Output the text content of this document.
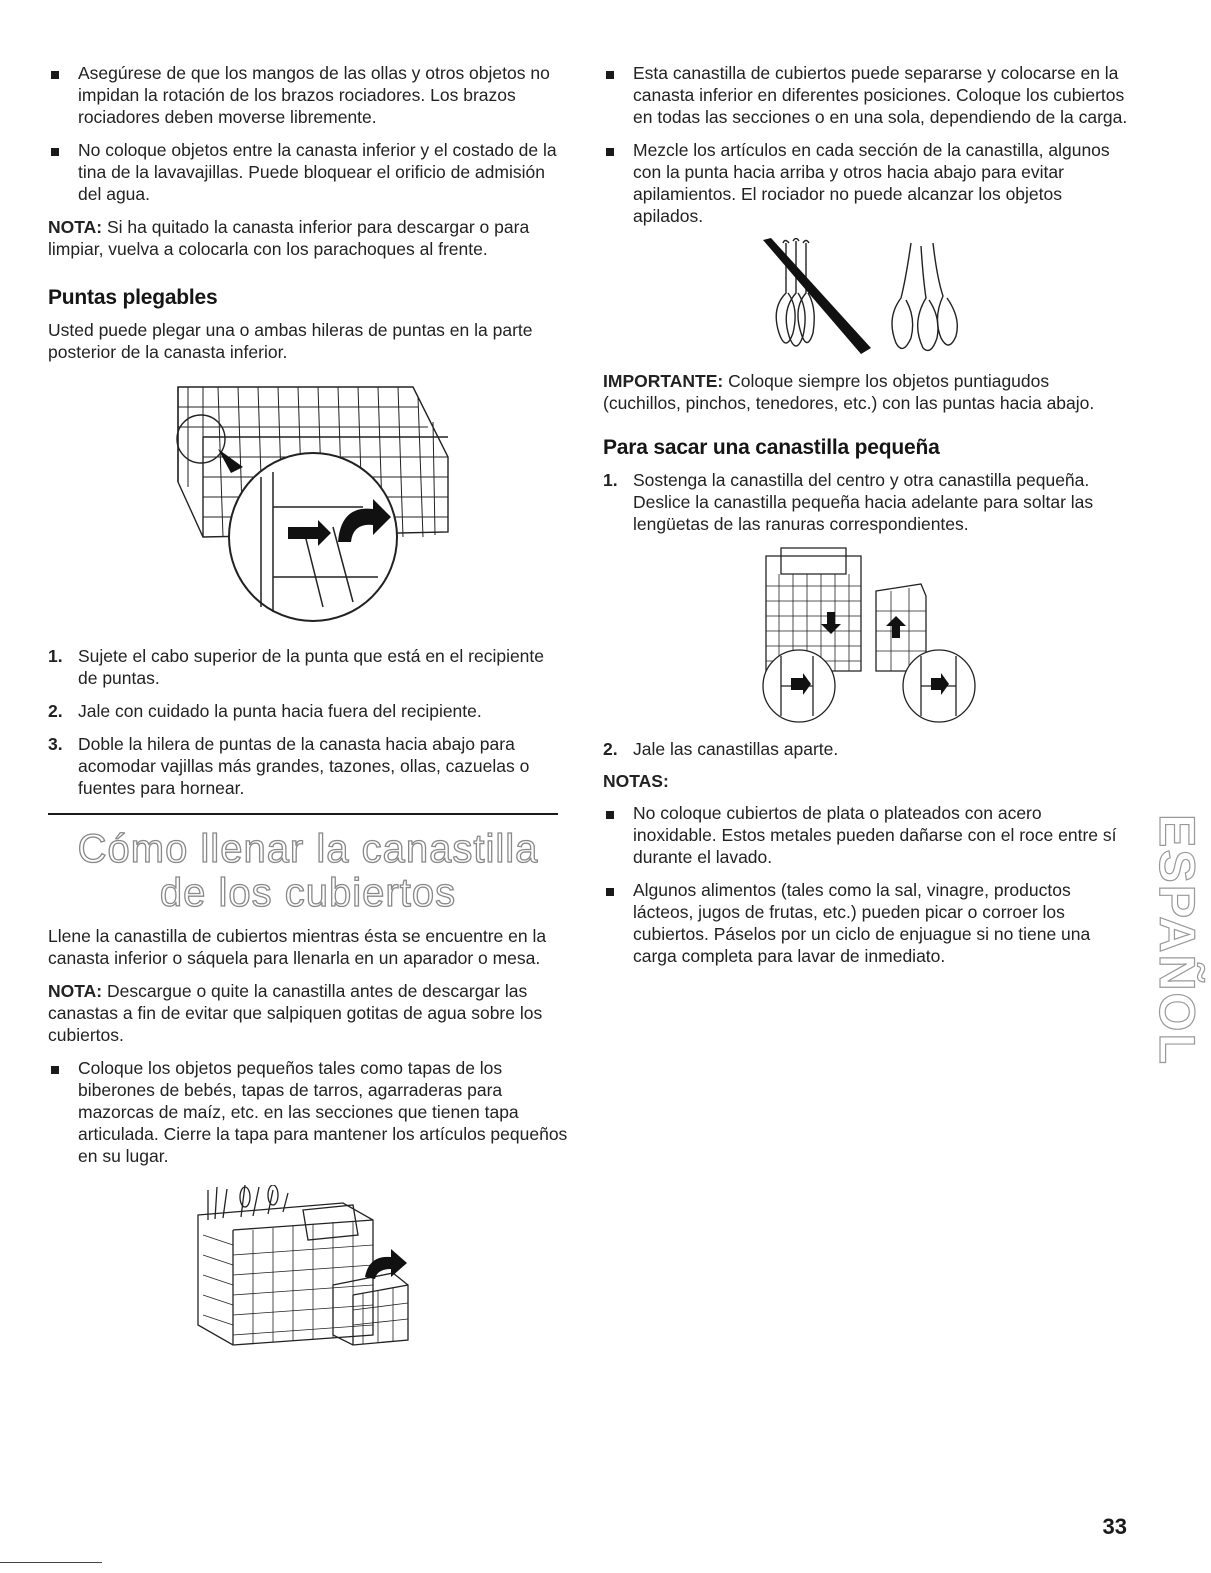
Asegúrese de que los mangos de las ollas y otros objetos no impidan la rotación de los brazos rociadores. Los brazos rociadores deben moverse libremente.

No coloque objetos entre la canasta inferior y el costado de la tina de la lavavajillas. Puede bloquear el orificio de admisión del agua.

NOTA: Si ha quitado la canasta inferior para descargar o para limpiar, vuelva a colocarla con los parachoques al frente.

Puntas plegables

Usted puede plegar una o ambas hileras de puntas en la parte posterior de la canasta inferior.

1. Sujete el cabo superior de la punta que está en el recipiente de puntas.

2. Jale con cuidado la punta hacia fuera del recipiente.

3. Doble la hilera de puntas de la canasta hacia abajo para acomodar vajillas más grandes, tazones, ollas, cazuelas o fuentes para hornear.

Cómo llenar la canastilla
de los cubiertos

Llene la canastilla de cubiertos mientras ésta se encuentre en la canasta inferior o sáquela para llenarla en un aparador o mesa.

NOTA: Descargue o quite la canastilla antes de descargar las canastas a fin de evitar que salpiquen gotitas de agua sobre los cubiertos.

Coloque los objetos pequeños tales como tapas de los biberones de bebés, tapas de tarros, agarraderas para mazorcas de maíz, etc. en las secciones que tienen tapa articulada. Cierre la tapa para mantener los artículos pequeños en su lugar.

Esta canastilla de cubiertos puede separarse y colocarse en la canasta inferior en diferentes posiciones. Coloque los cubiertos en todas las secciones o en una sola, dependiendo de la carga.

Mezcle los artículos en cada sección de la canastilla, algunos con la punta hacia arriba y otros hacia abajo para evitar apilamientos. El rociador no puede alcanzar los objetos apilados.

IMPORTANTE: Coloque siempre los objetos puntiagudos (cuchillos, pinchos, tenedores, etc.) con las puntas hacia abajo.

Para sacar una canastilla pequeña

1. Sostenga la canastilla del centro y otra canastilla pequeña. Deslice la canastilla pequeña hacia adelante para soltar las lengüetas de las ranuras correspondientes.

2. Jale las canastillas aparte.

NOTAS:

No coloque cubiertos de plata o plateados con acero inoxidable. Estos metales pueden dañarse con el roce entre sí durante el lavado.

Algunos alimentos (tales como la sal, vinagre, productos lácteos, jugos de frutas, etc.) pueden picar o corroer los cubiertos. Páselos por un ciclo de enjuague si no tiene una carga completa para lavar de inmediato.	ESPAÑOL
33
